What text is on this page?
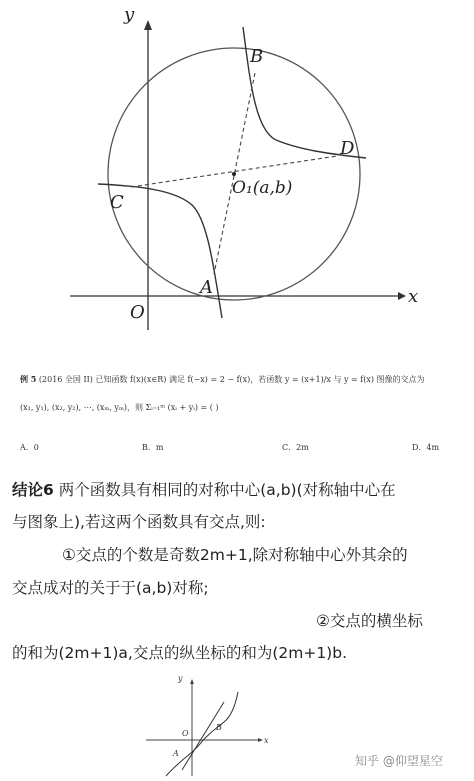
y
x
O
A
B
C
D
O₁(a,b)
例 5 (2016 全国 II) 已知函数 f(x)(x∈R) 满足 f(−x) = 2 − f(x)，若函数 y = (x+1)/x 与 y = f(x) 图像的交点为
(x₁, y₁), (x₂, y₂), ⋯, (xₘ, yₘ)，则 Σᵢ₌₁ᵐ (xᵢ + yᵢ) = ( )
A．0	B．m	C．2m	D．4m
结论6 两个函数具有相同的对称中心(a,b)(对称轴中心在
与图象上),若这两个函数具有交点,则:
①交点的个数是奇数2m+1,除对称轴中心外其余的
交点成对的关于于(a,b)对称;
②交点的横坐标
的和为(2m+1)a,交点的纵坐标的和为(2m+1)b.
y
x
O
A
B
知乎 @仰望星空
